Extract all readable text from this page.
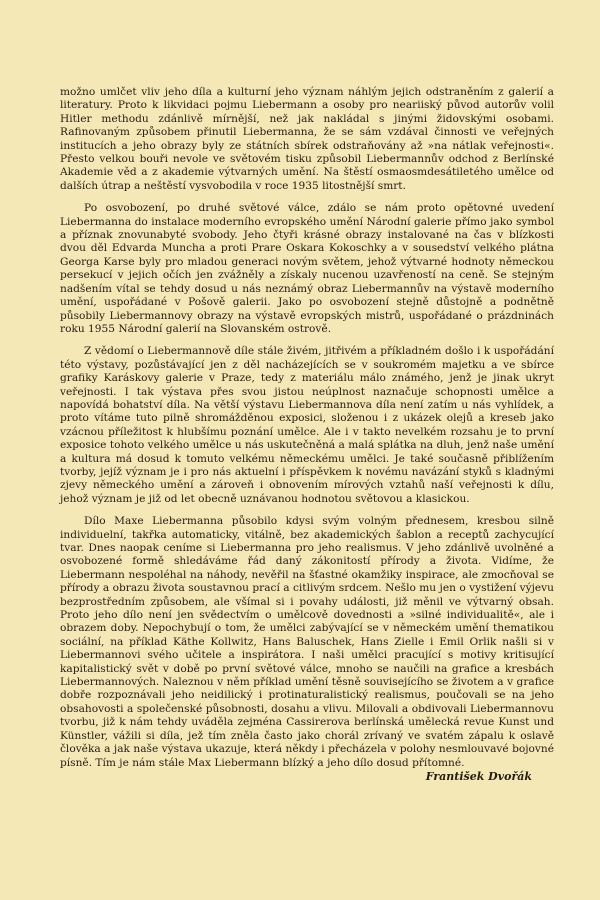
možno umlčet vliv jeho díla a kulturní jeho význam náhlým jejich odstraněním z galerií a literatury. Proto k likvidaci pojmu Liebermann a osoby pro neariiský původ autorův volil Hitler methodu zdánlivě mírnější, než jak nakládal s jinými židovskými osobami. Rafinovaným způsobem přinutil Liebermanna, že se sám vzdával činnosti ve veřejných institucích a jeho obrazy byly ze státních sbírek odstraňovány až »na nátlak veřejnosti«. Přesto velkou bouři nevole ve světovém tisku způsobil Liebermannův odchod z Berlínské Akademie věd a z akademie výtvarných umění. Na štěstí osmaosmdesátiletého umělce od dalších útrap a neštěstí vysvobodila v roce 1935 litostnější smrt.

Po osvobození, po druhé světové válce, zdálo se nám proto opětovné uvedení Liebermanna do instalace moderního evropského umění Národní galerie přímo jako symbol a příznak znovunabyté svobody. Jeho čtyři krásné obrazy instalované na čas v blízkosti dvou děl Edvarda Muncha a proti Prare Oskara Kokoschky a v sousedství velkého plátna Georga Karse byly pro mladou generaci novým světem, jehož výtvarné hodnoty německou persekucí v jejich očích jen zvážněly a získaly nucenou uzavřeností na ceně. Se stejným nadšením vítal se tehdy dosud u nás neznámý obraz Liebermannův na výstavě moderního umění, uspořádané v Pošově galerii. Jako po osvobození stejně důstojně a podnětně působily Liebermannovy obrazy na výstavě evropských mistrů, uspořádané o prázdninách roku 1955 Národní galerií na Slovanském ostrově.

Z vědomí o Liebermannově díle stále živém, jitřivém a příkladném došlo i k uspořádání této výstavy, pozůstávající jen z děl nacházejících se v soukromém majetku a ve sbírce grafiky Karáskovy galerie v Praze, tedy z materiálu málo známého, jenž je jinak ukryt veřejnosti. I tak výstava přes svou jistou neúplnost naznačuje schopnosti umělce a napovídá bohatství díla. Na větší výstavu Liebermannova díla není zatím u nás vyhlídek, a proto vítáme tuto pilně shromážděnou exposici, složenou i z ukázek olejů a kreseb jako vzácnou příležitost k hlubšímu poznání umělce. Ale i v takto nevelkém rozsahu je to první exposice tohoto velkého umělce u nás uskutečněná a malá splátka na dluh, jenž naše umění a kultura má dosud k tomuto velkému německému umělci. Je také současně přiblížením tvorby, jejíž význam je i pro nás aktuelní i příspěvkem k novému navázání styků s kladnými zjevy německého umění a zároveň i obnovením mírových vztahů naší veřejnosti k dílu, jehož význam je již od let obecně uznávanou hodnotou světovou a klasickou.

Dílo Maxe Liebermanna působilo kdysi svým volným přednesem, kresbou silně individuelní, takřka automaticky, vitálně, bez akademických šablon a receptů zachycující tvar. Dnes naopak ceníme si Liebermanna pro jeho realismus. V jeho zdánlivě uvolněné a osvobozené formě shledáváme řád daný zákonitostí přírody a života. Vidíme, že Liebermann nespoléhal na náhody, nevěřil na šťastné okamžiky inspirace, ale zmocňoval se přírody a obrazu života soustavnou prací a citlivým srdcem. Nešlo mu jen o vystižení výjevu bezprostředním způsobem, ale všímal si i povahy události, již měnil ve výtvarný obsah. Proto jeho dílo není jen svědectvím o umělcově dovednosti a »silné individualitě«, ale i obrazem doby. Nepochybují o tom, že umělci zabývající se v německém umění thematikou sociální, na příklad Käthe Kollwitz, Hans Baluschek, Hans Zielle i Emil Orlik našli si v Liebermannovi svého učitele a inspirátora. I naši umělci pracující s motivy kritisující kapitalistický svět v době po první světové válce, mnoho se naučili na grafice a kresbách Liebermannových. Naleznou v něm příklad umění těsně souvisejícího se životem a v grafice dobře rozpoznávali jeho neidilický i protinaturalistický realismus, poučovali se na jeho obsahovosti a společenské působnosti, dosahu a vlivu. Milovali a obdivovali Liebermannovu tvorbu, již k nám tehdy uváděla zejména Cassirerova berlínská umělecká revue Kunst und Künstler, vážili si díla, jež tím zněla často jako chorál zrívaný ve svatém zápalu k oslavě člověka a jak naše výstava ukazuje, která někdy i přecházela v polohy nesmlouvavé bojovné písně. Tím je nám stále Max Liebermann blízký a jeho dílo dosud přítomné.

František Dvořák
